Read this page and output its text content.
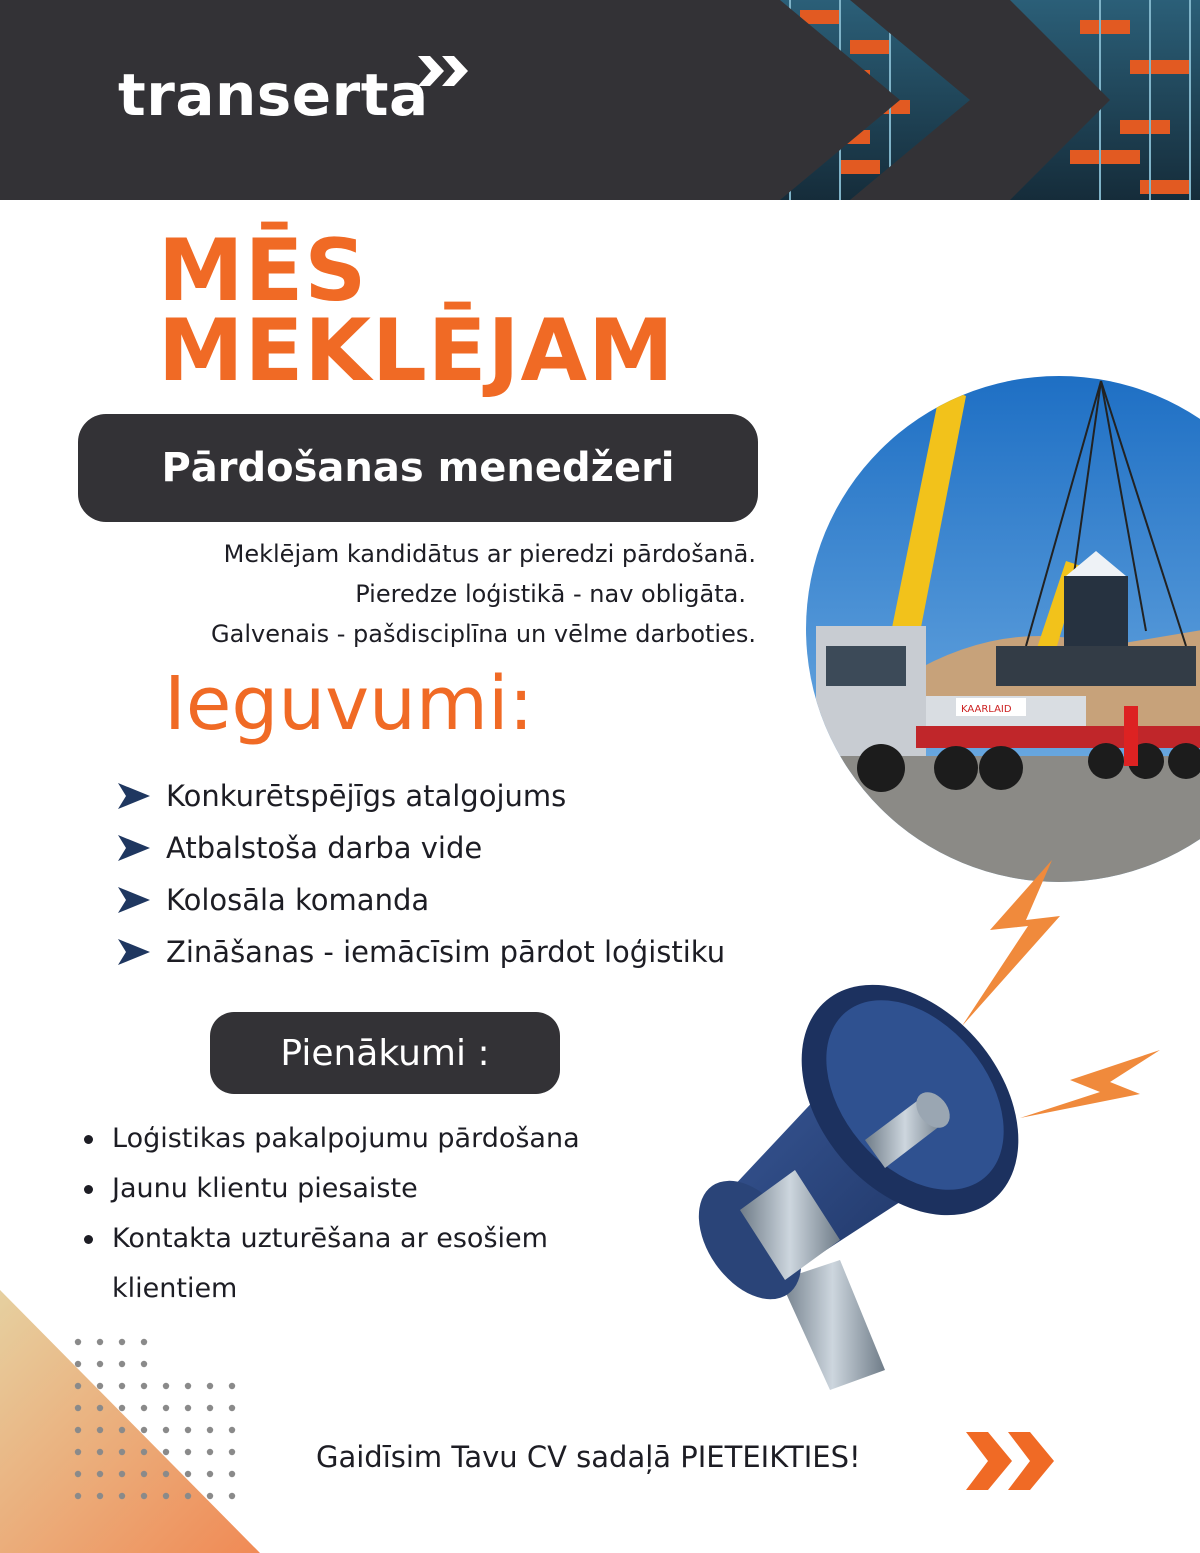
transerta
MĒS
MEKLĒJAM
Pārdošanas menedžeri
Meklējam kandidātus ar pieredzi pārdošanā.
Pieredze loģistikā - nav obligāta.
Galvenais - pašdisciplīna un vēlme darboties.
KAARLAID
Ieguvumi:
Konkurētspējīgs atalgojums
Atbalstoša darba vide
Kolosāla komanda
Zināšanas - iemācīsim pārdot loģistiku
Pienākumi :
Loģistikas pakalpojumu pārdošana
Jaunu klientu piesaiste
Kontakta uzturēšana ar esošiem klientiem
Gaidīsim Tavu CV sadaļā PIETEIKTIES!
